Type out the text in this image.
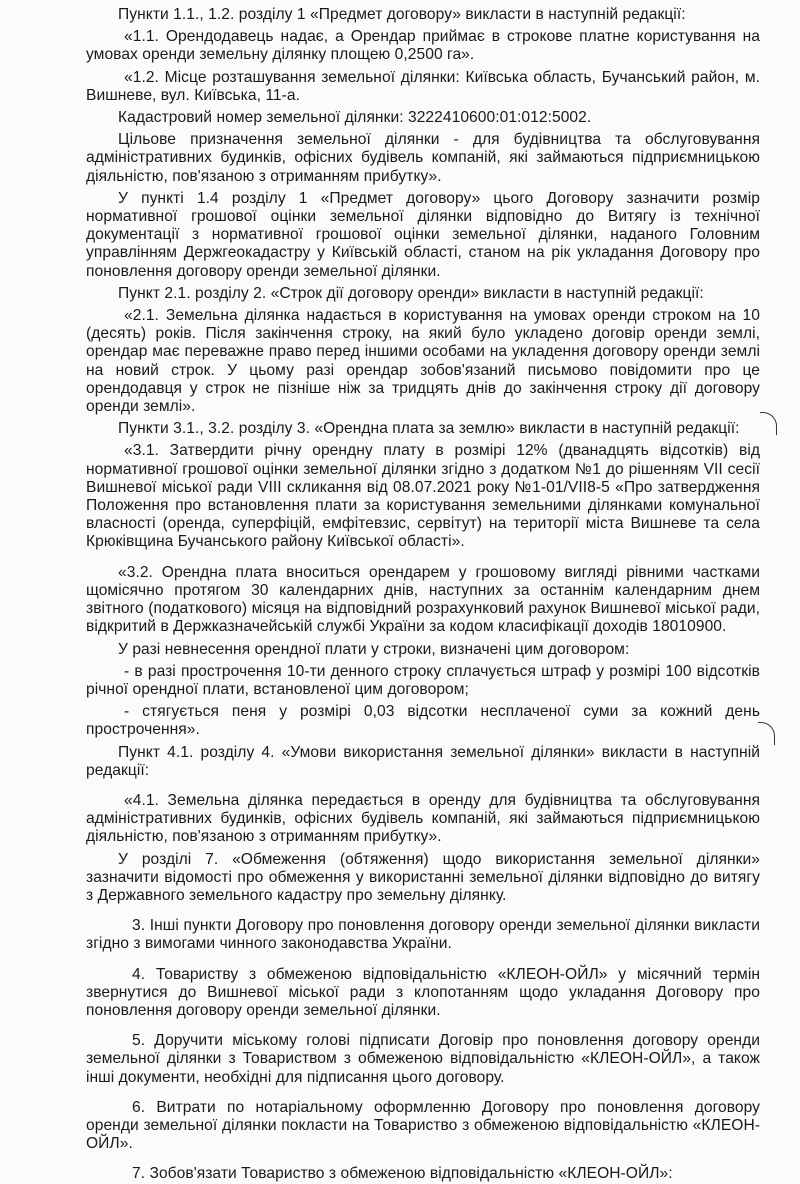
Пункти 1.1., 1.2. розділу 1 «Предмет договору» викласти в наступній редакції:

«1.1. Орендодавець надає, а Орендар приймає в строкове платне користування на умовах оренди земельну ділянку площею 0,2500 га».

«1.2. Місце розташування земельної ділянки: Київська область, Бучанський район, м. Вишневе, вул. Київська, 11-а.

Кадастровий номер земельної ділянки: 3222410600:01:012:5002.

Цільове призначення земельної ділянки - для будівництва та обслуговування адміністративних будинків, офісних будівель компаній, які займаються підприємницькою діяльністю, пов'язаною з отриманням прибутку».

У пункті 1.4 розділу 1 «Предмет договору» цього Договору зазначити розмір нормативної грошової оцінки земельної ділянки відповідно до Витягу із технічної документації з нормативної грошової оцінки земельної ділянки, наданого Головним управлінням Держгеокадастру у Київській області, станом на рік укладання Договору про поновлення договору оренди земельної ділянки.

Пункт 2.1. розділу 2. «Строк дії договору оренди» викласти в наступній редакції:

«2.1. Земельна ділянка надається в користування на умовах оренди строком на 10 (десять) років. Після закінчення строку, на який було укладено договір оренди землі, орендар має переважне право перед іншими особами на укладення договору оренди землі на новий строк. У цьому разі орендар зобов'язаний письмово повідомити про це орендодавця у строк не пізніше ніж за тридцять днів до закінчення строку дії договору оренди землі».

Пункти 3.1., 3.2. розділу 3. «Орендна плата за землю» викласти в наступній редакції:

«3.1. Затвердити річну орендну плату в розмірі 12% (дванадцять відсотків) від нормативної грошової оцінки земельної ділянки згідно з додатком №1 до рішенням VII сесії Вишневої міської ради VIII скликання від 08.07.2021 року №1-01/VII8-5 «Про затвердження Положення про встановлення плати за користування земельними ділянками комунальної власності (оренда, суперфіцій, емфітевзис, сервітут) на території міста Вишневе та села Крюківщина Бучанського району Київської області».

«3.2. Орендна плата вноситься орендарем у грошовому вигляді рівними частками щомісячно протягом 30 календарних днів, наступних за останнім календарним днем звітного (податкового) місяця на відповідний розрахунковий рахунок Вишневої міської ради, відкритий в Держказначейській службі України за кодом класифікації доходів 18010900.

У разі невнесення орендної плати у строки, визначені цим договором:

- в разі прострочення 10-ти денного строку сплачується штраф у розмірі 100 відсотків річної орендної плати, встановленої цим договором;

- стягується пеня у розмірі 0,03 відсотки несплаченої суми за кожний день прострочення».

Пункт 4.1. розділу 4. «Умови використання земельної ділянки» викласти в наступній редакції:

«4.1. Земельна ділянка передається в оренду для будівництва та обслуговування адміністративних будинків, офісних будівель компаній, які займаються підприємницькою діяльністю, пов'язаною з отриманням прибутку».

У розділі 7. «Обмеження (обтяження) щодо використання земельної ділянки» зазначити відомості про обмеження у використанні земельної ділянки відповідно до витягу з Державного земельного кадастру про земельну ділянку.

3. Інші пункти Договору про поновлення договору оренди земельної ділянки викласти згідно з вимогами чинного законодавства України.

4. Товариству з обмеженою відповідальністю «КЛЕОН-ОЙЛ» у місячний термін звернутися до Вишневої міської ради з клопотанням щодо укладання Договору про поновлення договору оренди земельної ділянки.

5. Доручити міському голові підписати Договір про поновлення договору оренди земельної ділянки з Товариством з обмеженою відповідальністю «КЛЕОН-ОЙЛ», а також інші документи, необхідні для підписання цього договору.

6. Витрати по нотаріальному оформленню Договору про поновлення договору оренди земельної ділянки покласти на Товариство з обмеженою відповідальністю «КЛЕОН-ОЙЛ».

7. Зобов'язати Товариство з обмеженою відповідальністю «КЛЕОН-ОЙЛ»:
